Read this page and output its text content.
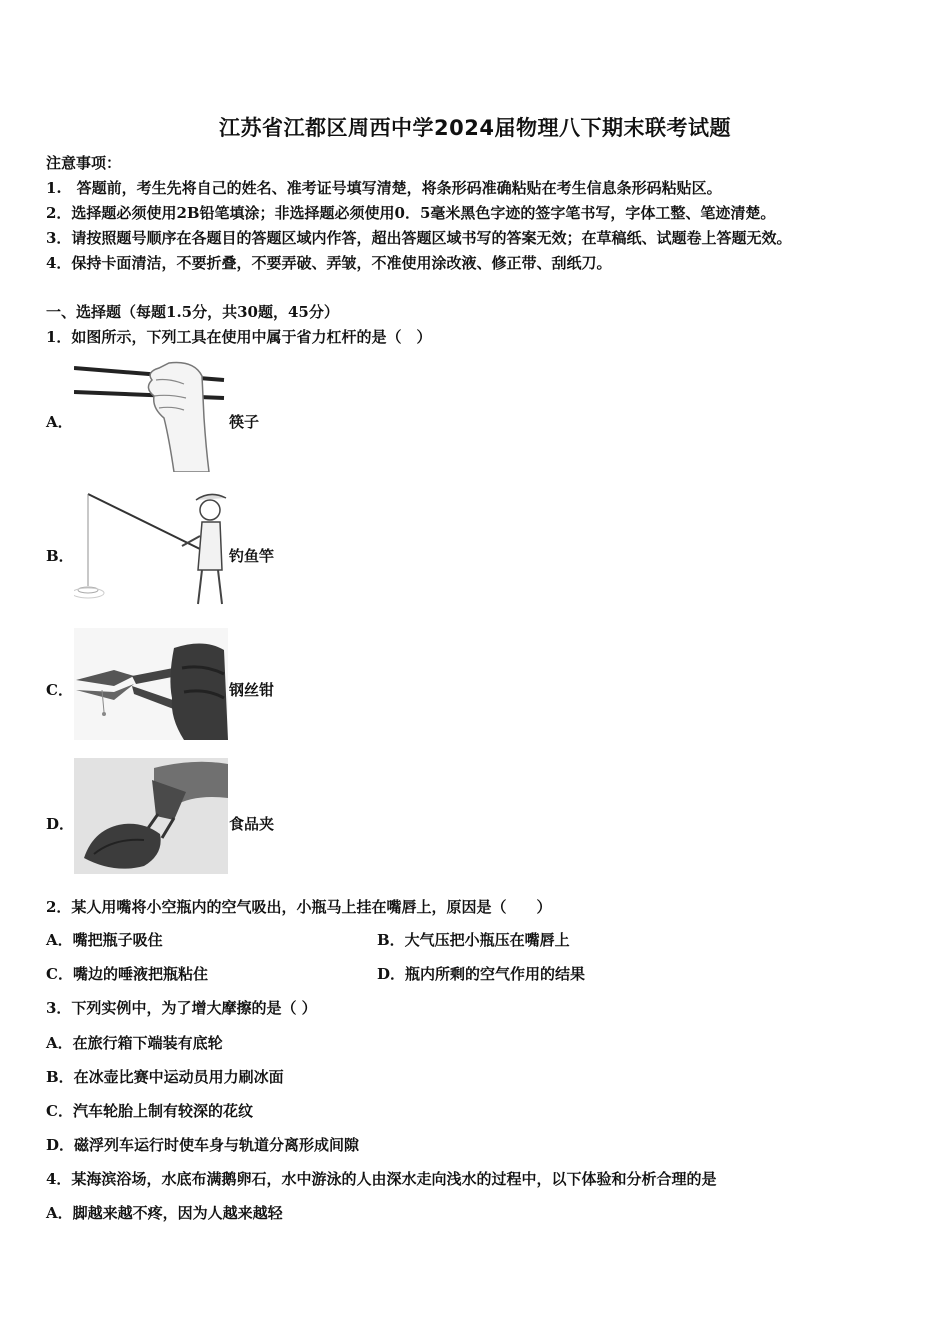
江苏省江都区周西中学2024届物理八下期末联考试题
注意事项：
1.　答题前，考生先将自己的姓名、准考证号填写清楚，将条形码准确粘贴在考生信息条形码粘贴区。
2．选择题必须使用2B铅笔填涂；非选择题必须使用0．5毫米黑色字迹的签字笔书写，字体工整、笔迹清楚。
3．请按照题号顺序在各题目的答题区域内作答，超出答题区域书写的答案无效；在草稿纸、试题卷上答题无效。
4．保持卡面清洁，不要折叠，不要弄破、弄皱，不准使用涂改液、修正带、刮纸刀。
一、选择题（每题1.5分，共30题，45分）
1．如图所示，下列工具在使用中属于省力杠杆的是（　）
A．	筷子
B．	钓鱼竿
C．	钢丝钳
D．	食品夹
2．某人用嘴将小空瓶内的空气吸出，小瓶马上挂在嘴唇上，原因是（　　）
A．嘴把瓶子吸住	B．大气压把小瓶压在嘴唇上
C．嘴边的唾液把瓶粘住	D．瓶内所剩的空气作用的结果
3．下列实例中，为了增大摩擦的是（ ）
A．在旅行箱下端装有底轮
B．在冰壶比赛中运动员用力刷冰面
C．汽车轮胎上制有较深的花纹
D．磁浮列车运行时使车身与轨道分离形成间隙
4．某海滨浴场，水底布满鹅卵石，水中游泳的人由深水走向浅水的过程中，以下体验和分析合理的是
A．脚越来越不疼，因为人越来越轻
